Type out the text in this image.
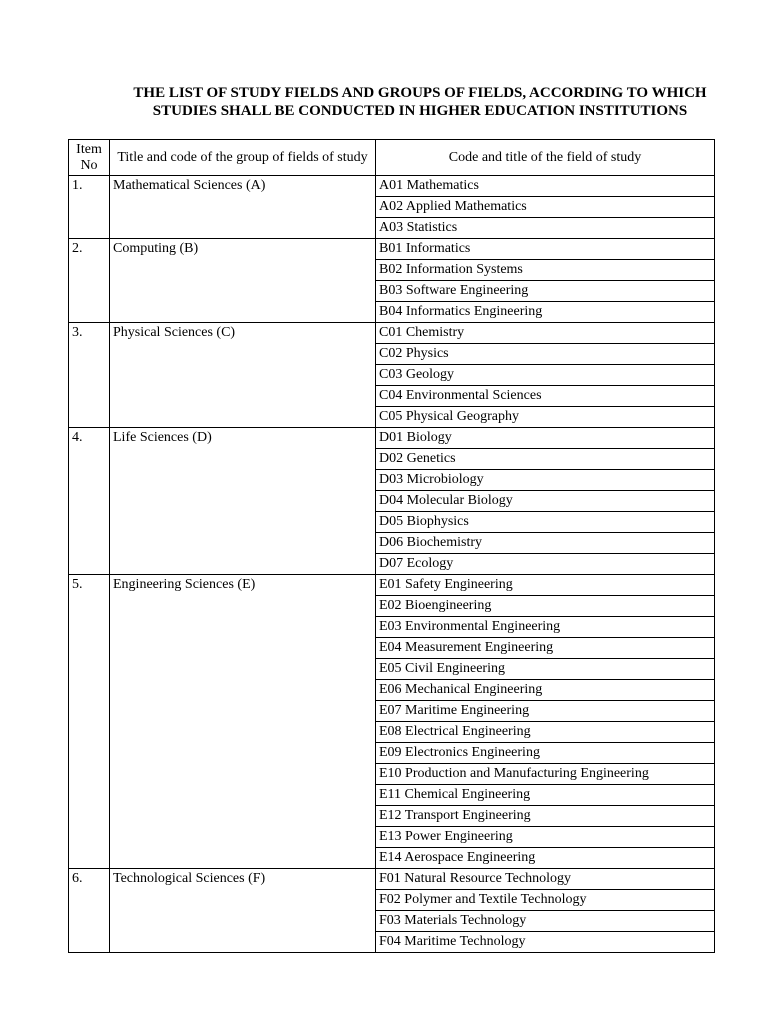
THE LIST OF STUDY FIELDS AND GROUPS OF FIELDS, ACCORDING TO WHICH
STUDIES SHALL BE CONDUCTED IN HIGHER EDUCATION INSTITUTIONS
Item No	Title and code of the group of fields of study	Code and title of the field of study
1.	Mathematical Sciences (A)	A01 Mathematics
		A02 Applied Mathematics
		A03 Statistics
2.	Computing (B)	B01 Informatics
		B02 Information Systems
		B03 Software Engineering
		B04 Informatics Engineering
3.	Physical Sciences (C)	C01 Chemistry
		C02 Physics
		C03 Geology
		C04 Environmental Sciences
		C05 Physical Geography
4.	Life Sciences (D)	D01 Biology
		D02 Genetics
		D03 Microbiology
		D04 Molecular Biology
		D05 Biophysics
		D06 Biochemistry
		D07 Ecology
5.	Engineering Sciences (E)	E01 Safety Engineering
		E02 Bioengineering
		E03 Environmental Engineering
		E04 Measurement Engineering
		E05 Civil Engineering
		E06 Mechanical Engineering
		E07 Maritime Engineering
		E08 Electrical Engineering
		E09 Electronics Engineering
		E10 Production and Manufacturing Engineering
		E11 Chemical Engineering
		E12 Transport Engineering
		E13 Power Engineering
		E14 Aerospace Engineering
6.	Technological Sciences (F)	F01 Natural Resource Technology
		F02 Polymer and Textile Technology
		F03 Materials Technology
		F04 Maritime Technology
